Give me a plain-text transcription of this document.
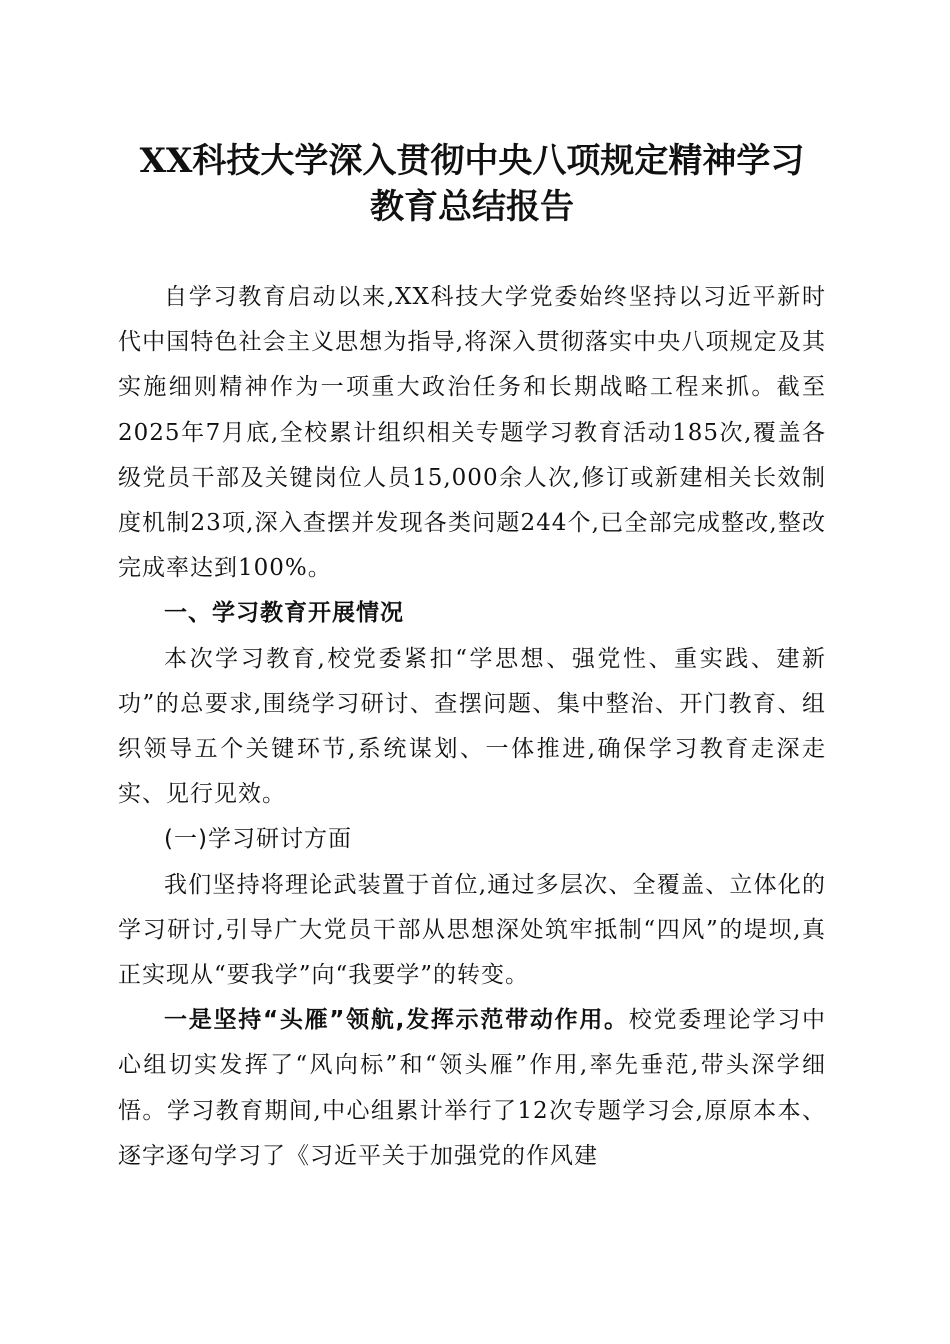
XX科技大学深入贯彻中央八项规定精神学习
教育总结报告

自学习教育启动以来,XX科技大学党委始终坚持以习近平新时代中国特色社会主义思想为指导,将深入贯彻落实中央八项规定及其实施细则精神作为一项重大政治任务和长期战略工程来抓。截至2025年7月底,全校累计组织相关专题学习教育活动185次,覆盖各级党员干部及关键岗位人员15,000余人次,修订或新建相关长效制度机制23项,深入查摆并发现各类问题244个,已全部完成整改,整改完成率达到100%。

一、学习教育开展情况

本次学习教育,校党委紧扣“学思想、强党性、重实践、建新功”的总要求,围绕学习研讨、查摆问题、集中整治、开门教育、组织领导五个关键环节,系统谋划、一体推进,确保学习教育走深走实、见行见效。

(一)学习研讨方面

我们坚持将理论武装置于首位,通过多层次、全覆盖、立体化的学习研讨,引导广大党员干部从思想深处筑牢抵制“四风”的堤坝,真正实现从“要我学”向“我要学”的转变。

一是坚持“头雁”领航,发挥示范带动作用。校党委理论学习中心组切实发挥了“风向标”和“领头雁”作用,率先垂范,带头深学细悟。学习教育期间,中心组累计举行了12次专题学习会,原原本本、逐字逐句学习了《习近平关于加强党的作风建
